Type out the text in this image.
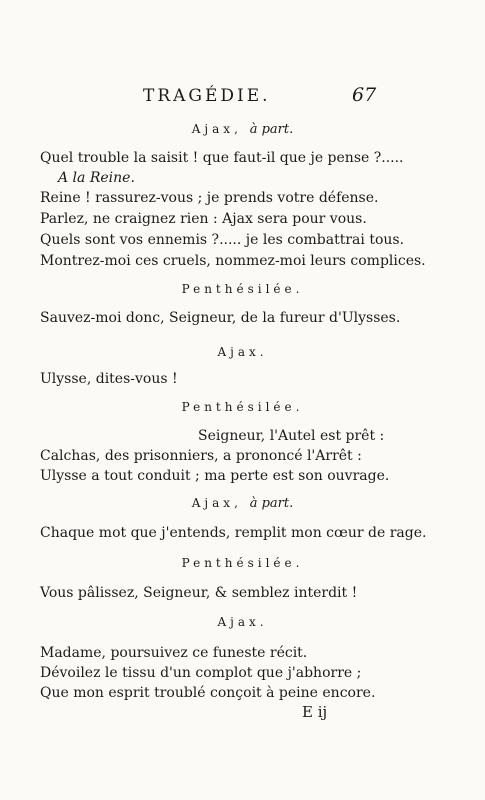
TRAGÉDIE.	67
Ajax, à part.
Quel trouble la saisit ! que faut-il que je pense ?.....
A la Reine.
Reine ! rassurez-vous ; je prends votre défense.
Parlez, ne craignez rien : Ajax sera pour vous.
Quels sont vos ennemis ?..... je les combattrai tous.
Montrez-moi ces cruels, nommez-moi leurs complices.
Penthésilée.
Sauvez-moi donc, Seigneur, de la fureur d'Ulysses.
Ajax.
Ulysse, dites-vous !
Penthésilée.
Seigneur, l'Autel est prêt :
Calchas, des prisonniers, a prononcé l'Arrêt :
Ulysse a tout conduit ; ma perte est son ouvrage.
Ajax, à part.
Chaque mot que j'entends, remplit mon cœur de rage.
Penthésilée.
Vous pâlissez, Seigneur, & semblez interdit !
Ajax.
Madame, poursuivez ce funeste récit.
Dévoilez le tissu d'un complot que j'abhorre ;
Que mon esprit troublé conçoit à peine encore.
E ij
